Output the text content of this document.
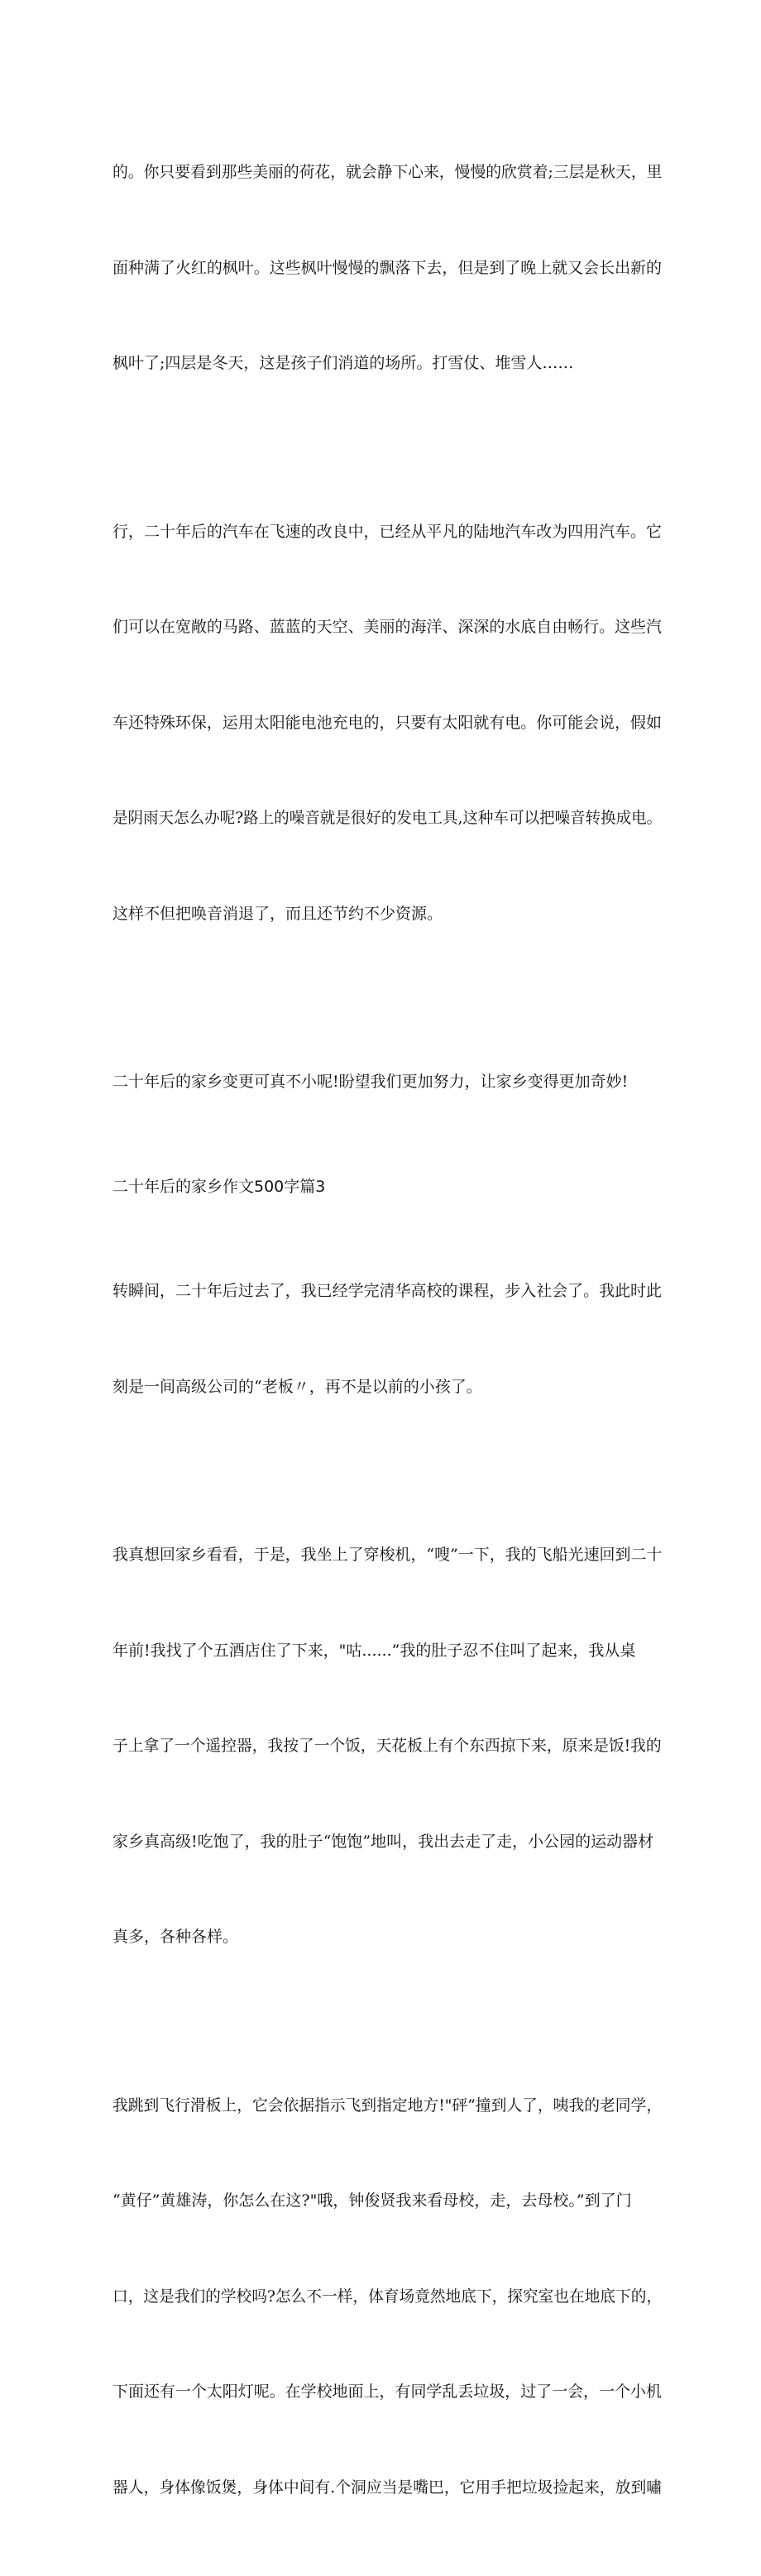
的。你只要看到那些美丽的荷花，就会静下心来，慢慢的欣赏着;三层是秋天，里

面种满了火红的枫叶。这些枫叶慢慢的飘落下去，但是到了晚上就又会长出新的

枫叶了;四层是冬天，这是孩子们消道的场所。打雪仗、堆雪人……

行，二十年后的汽车在飞速的改良中，已经从平凡的陆地汽车改为四用汽车。它

们可以在宽敞的马路、蓝蓝的天空、美丽的海洋、深深的水底自由畅行。这些汽

车还特殊环保，运用太阳能电池充电的，只要有太阳就有电。你可能会说，假如

是阴雨天怎么办呢?路上的噪音就是很好的发电工具,这种车可以把噪音转换成电。

这样不但把唤音消退了，而且还节约不少资源。

二十年后的家乡变更可真不小呢!盼望我们更加努力，让家乡变得更加奇妙!

二十年后的家乡作文500字篇3

转瞬间，二十年后过去了，我已经学完清华高校的课程，步入社会了。我此时此

刻是一间高级公司的“老板〃，再不是以前的小孩了。

我真想回家乡看看，于是，我坐上了穿梭机，“嗖”一下，我的飞船光速回到二十

年前!我找了个五酒店住了下来，"咕......”我的肚子忍不住叫了起来，我从桌

子上拿了一个遥控器，我按了一个饭，天花板上有个东西掠下来，原来是饭!我的

家乡真高级!吃饱了，我的肚子“饱饱”地叫，我出去走了走，小公园的运动器材

真多，各种各样。

我跳到飞行滑板上，它会依据指示飞到指定地方!"砰”撞到人了，咦我的老同学，

“黄仔”黄雄涛，你怎么在这?"哦，钟俊贤我来看母校，走，去母校。”到了门

口，这是我们的学校吗?怎么不一样，体育场竟然地底下，探究室也在地底下的，

下面还有一个太阳灯呢。在学校地面上，有同学乱丢垃圾，过了一会，一个小机

器人，身体像饭煲，身体中间有.个洞应当是嘴巴，它用手把垃圾捡起来，放到嘯
